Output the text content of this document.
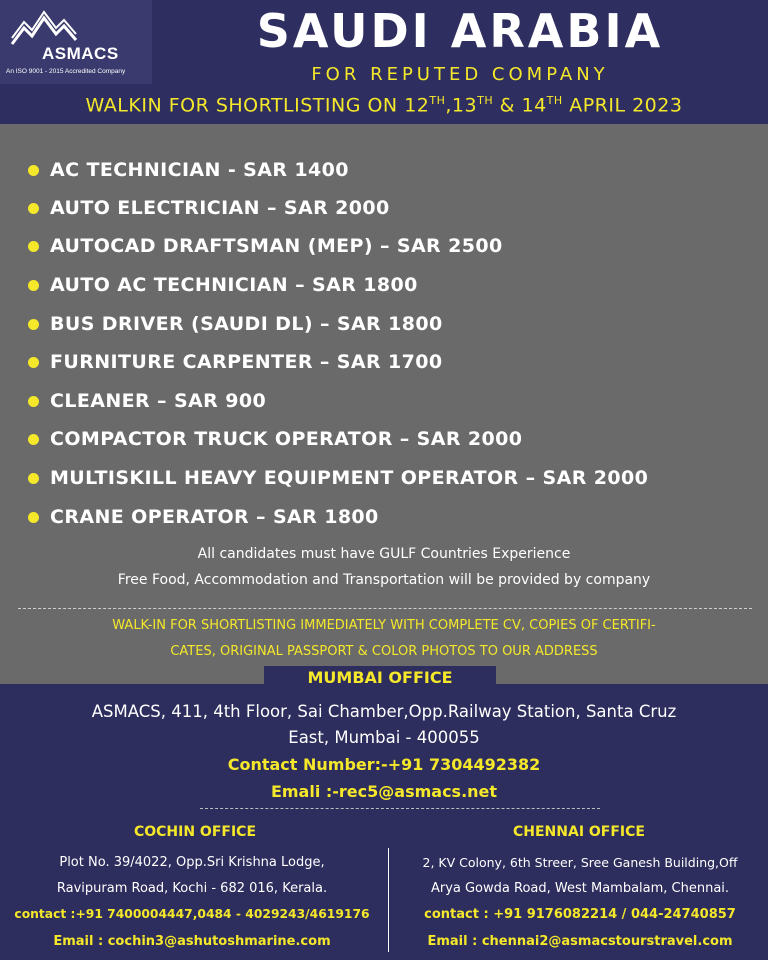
ASMACS
An ISO 9001 - 2015 Accredited Company
SAUDI ARABIA
FOR REPUTED COMPANY
WALKIN FOR SHORTLISTING ON 12TH,13TH & 14TH APRIL 2023
AC TECHNICIAN - SAR 1400
AUTO ELECTRICIAN – SAR 2000
AUTOCAD DRAFTSMAN (MEP) – SAR 2500
AUTO AC TECHNICIAN – SAR 1800
BUS DRIVER (SAUDI DL) – SAR 1800
FURNITURE CARPENTER – SAR 1700
CLEANER – SAR 900
COMPACTOR TRUCK OPERATOR – SAR 2000
MULTISKILL HEAVY EQUIPMENT OPERATOR – SAR 2000
CRANE OPERATOR – SAR 1800
All candidates must have GULF Countries Experience
Free Food, Accommodation and Transportation will be provided by company
WALK-IN FOR SHORTLISTING IMMEDIATELY WITH COMPLETE CV, COPIES OF CERTIFI-
CATES, ORIGINAL PASSPORT & COLOR PHOTOS TO OUR ADDRESS
MUMBAI OFFICE
ASMACS, 411, 4th Floor, Sai Chamber,Opp.Railway Station, Santa Cruz
East, Mumbai - 400055
Contact Number:-+91 7304492382
Emali :-rec5@asmacs.net
COCHIN OFFICE
Plot No. 39/4022, Opp.Sri Krishna Lodge,
Ravipuram Road, Kochi - 682 016, Kerala.
contact :+91 7400004447,0484 - 4029243/4619176
Email : cochin3@ashutoshmarine.com
CHENNAI OFFICE
2, KV Colony, 6th Streer, Sree Ganesh Building,Off
Arya Gowda Road, West Mambalam, Chennai.
contact : +91 9176082214 / 044-24740857
Email : chennai2@asmacstourstravel.com
